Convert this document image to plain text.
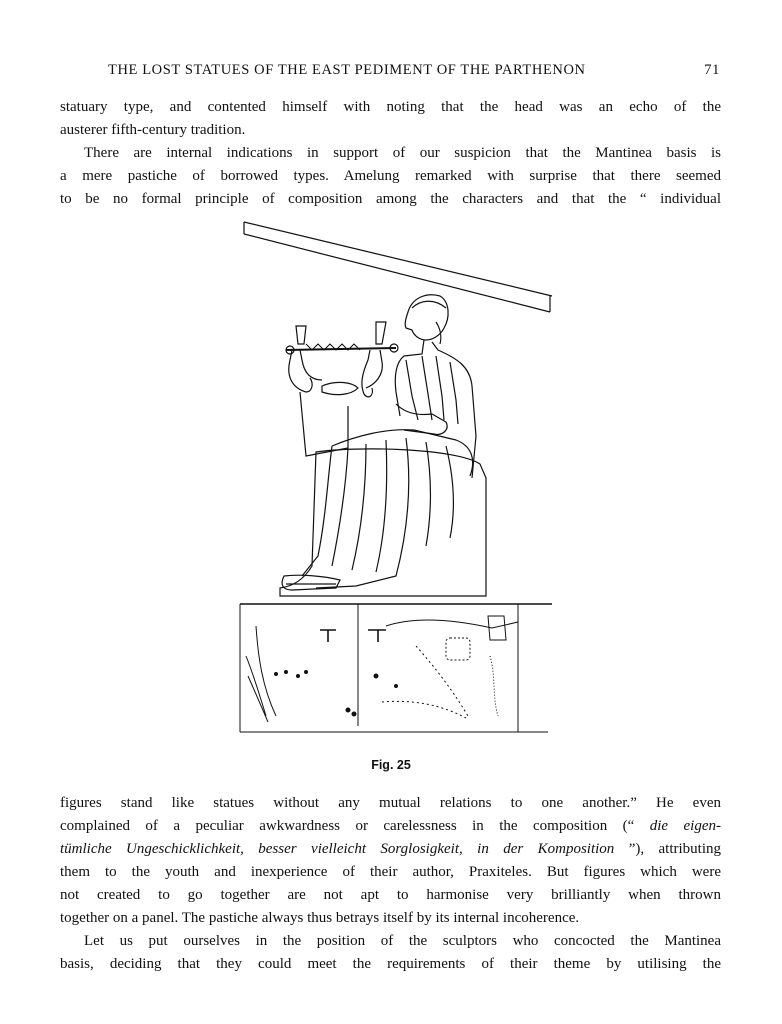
THE LOST STATUES OF THE EAST PEDIMENT OF THE PARTHENON	71
statuary type, and contented himself with noting that the head was an echo of the
austerer fifth-century tradition.
There are internal indications in support of our suspicion that the Mantinea basis is
a mere pastiche of borrowed types. Amelung remarked with surprise that there seemed
to be no formal principle of composition among the characters and that the “ individual
Fig. 25
figures stand like statues without any mutual relations to one another.” He even
complained of a peculiar awkwardness or carelessness in the composition (“ die eigen-
tümliche Ungeschicklichkeit, besser vielleicht Sorglosigkeit, in der Komposition ”), attributing
them to the youth and inexperience of their author, Praxiteles. But figures which were
not created to go together are not apt to harmonise very brilliantly when thrown
together on a panel. The pastiche always thus betrays itself by its internal incoherence.
Let us put ourselves in the position of the sculptors who concocted the Mantinea
basis, deciding that they could meet the requirements of their theme by utilising the
